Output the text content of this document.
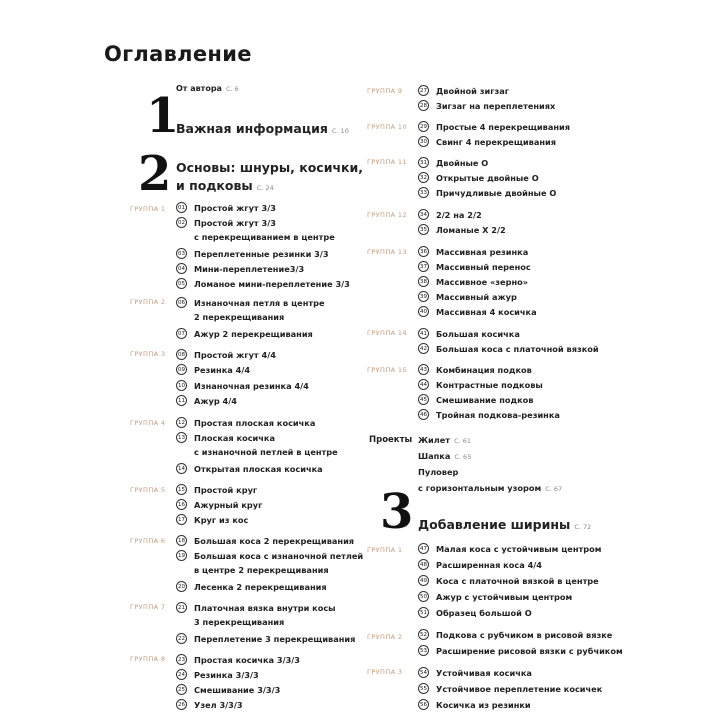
Оглавление
От автора С. 6
1
Важная информация С. 10
2 Основы: шнуры, косички,
и подковы С. 24
ГРУППА 1
ГРУППА 2
ГРУППА 3
ГРУППА 4
ГРУППА 5
ГРУППА 6
ГРУППА 7
ГРУППА 8
01 Простой жгут 3/3
02 Простой жгут 3/3
с перекрещиванием в центре
03 Переплетенные резинки 3/3
04 Мини-переплетение3/3
05 Ломаное мини-переплетение 3/3
06 Изнаночная петля в центре
2 перекрещивания
07 Ажур 2 перекрещивания
08 Простой жгут 4/4
09 Резинка 4/4
10 Изнаночная резинка 4/4
11 Ажур 4/4
12 Простая плоская косичка
13 Плоская косичка
с изнаночной петлей в центре
14 Открытая плоская косичка
15 Простой круг
16 Ажурный круг
17 Круг из кос
18 Большая коса 2 перекрещивания
19 Большая коса с изнаночной петлей
в центре 2 перекрещивания
20 Лесенка 2 перекрещивания
21 Платочная вязка внутри косы
3 перекрещивания
22 Переплетение 3 перекрещивания
23 Простая косичка 3/3/3
24 Резинка 3/3/3
25 Смешивание 3/3/3
26 Узел 3/3/3
ГРУППА 9
ГРУППА 10
ГРУППА 11
ГРУППА 12
ГРУППА 13
ГРУППА 14
ГРУППА 15
27 Двойной зигзаг
28 Зигзаг на переплетениях
29 Простые 4 перекрещивания
30 Свинг 4 перекрещивания
31 Двойные О
32 Открытые двойные О
33 Причудливые двойные О
34 2/2 на 2/2
35 Ломаные Х 2/2
36 Массивная резинка
37 Массивный перенос
38 Массивное «зерно»
39 Массивный ажур
40 Массивная 4 косичка
41 Большая косичка
42 Большая коса с платочной вязкой
43 Комбинация подков
44 Контрастные подковы
45 Смешивание подков
46 Тройная подкова-резинка
Проекты Жилет С. 61
Шапка С. 65
Пуловер
с горизонтальным узором С. 67
3 Добавление ширины С. 72
ГРУППА 1
ГРУППА 2
ГРУППА 3
47 Малая коса с устойчивым центром
48 Расширенная коса 4/4
49 Коса с платочной вязкой в центре
50 Ажур с устойчивым центром
51 Образец большой О
52 Подкова с рубчиком в рисовой вязке
53 Расширение рисовой вязки с рубчиком
54 Устойчивая косичка
55 Устойчивое переплетение косичек
56 Косичка из резинки
